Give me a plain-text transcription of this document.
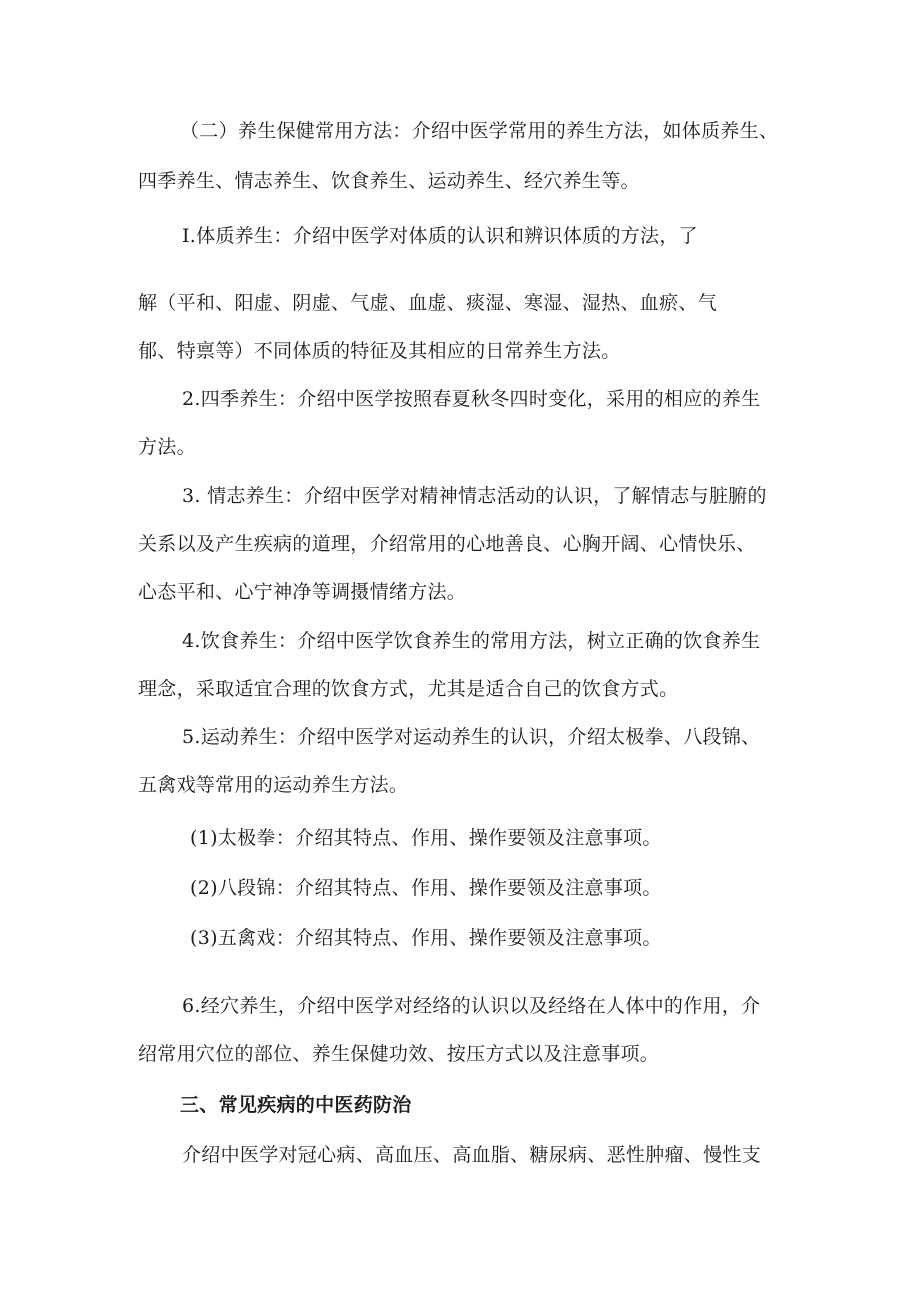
（二）养生保健常用方法：介绍中医学常用的养生方法，如体质养生、
四季养生、情志养生、饮食养生、运动养生、经穴养生等。
I.体质养生：介绍中医学对体质的认识和辨识体质的方法，了
解（平和、阳虚、阴虚、气虚、血虚、痰湿、寒湿、湿热、血瘀、气
郁、特禀等）不同体质的特征及其相应的日常养生方法。
2.四季养生：介绍中医学按照春夏秋冬四时变化，采用的相应的养生
方法。
3. 情志养生：介绍中医学对精神情志活动的认识，了解情志与脏腑的
关系以及产生疾病的道理，介绍常用的心地善良、心胸开阔、心情快乐、
心态平和、心宁神净等调摄情绪方法。
4.饮食养生：介绍中医学饮食养生的常用方法，树立正确的饮食养生
理念，采取适宜合理的饮食方式，尤其是适合自己的饮食方式。
5.运动养生：介绍中医学对运动养生的认识，介绍太极拳、八段锦、
五禽戏等常用的运动养生方法。
(1)太极拳：介绍其特点、作用、操作要领及注意事项。
(2)八段锦：介绍其特点、作用、操作要领及注意事项。
(3)五禽戏：介绍其特点、作用、操作要领及注意事项。
6.经穴养生，介绍中医学对经络的认识以及经络在人体中的作用，介
绍常用穴位的部位、养生保健功效、按压方式以及注意事项。
三、常见疾病的中医药防治
介绍中医学对冠心病、高血压、高血脂、糖尿病、恶性肿瘤、慢性支
